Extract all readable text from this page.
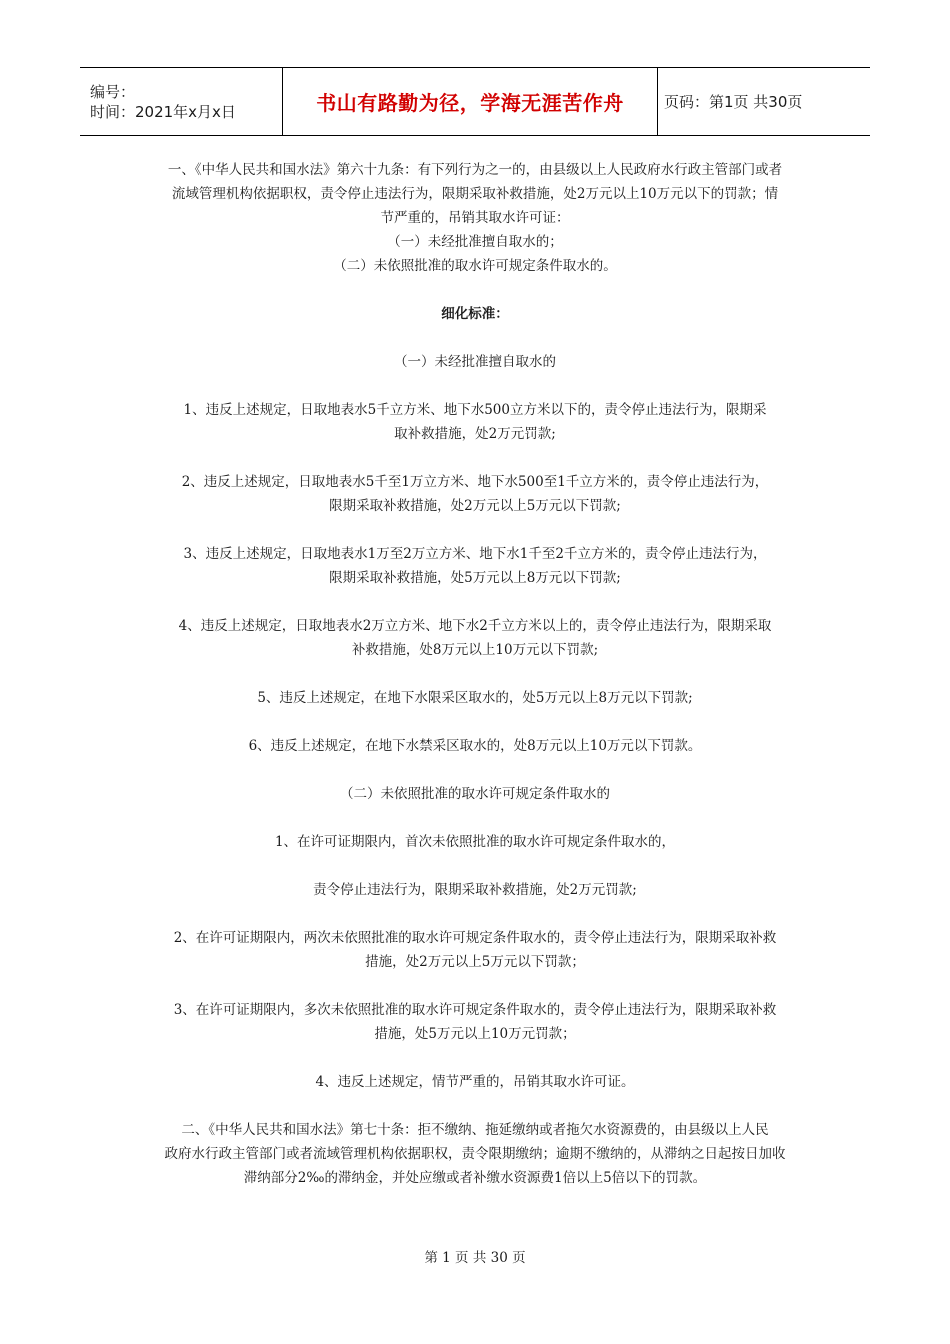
编号：
时间：2021年x月x日	书山有路勤为径，学海无涯苦作舟	页码：第1页 共30页

一、《中华人民共和国水法》第六十九条：有下列行为之一的，由县级以上人民政府水行政主管部门或者

流域管理机构依据职权，责令停止违法行为，限期采取补救措施，处2万元以上10万元以下的罚款；情

节严重的，吊销其取水许可证：

（一）未经批准擅自取水的；

（二）未依照批准的取水许可规定条件取水的。

细化标准：

（一）未经批准擅自取水的

1、违反上述规定，日取地表水5千立方米、地下水500立方米以下的，责令停止违法行为，限期采

取补救措施，处2万元罚款;

2、违反上述规定，日取地表水5千至1万立方米、地下水500至1千立方米的，责令停止违法行为，

限期采取补救措施，处2万元以上5万元以下罚款;

3、违反上述规定，日取地表水1万至2万立方米、地下水1千至2千立方米的，责令停止违法行为，

限期采取补救措施，处5万元以上8万元以下罚款;

4、违反上述规定，日取地表水2万立方米、地下水2千立方米以上的，责令停止违法行为，限期采取

补救措施，处8万元以上10万元以下罚款;

5、违反上述规定，在地下水限采区取水的，处5万元以上8万元以下罚款;

6、违反上述规定，在地下水禁采区取水的，处8万元以上10万元以下罚款。

（二）未依照批准的取水许可规定条件取水的

1、在许可证期限内，首次未依照批准的取水许可规定条件取水的，

责令停止违法行为，限期采取补救措施，处2万元罚款;

2、在许可证期限内，两次未依照批准的取水许可规定条件取水的，责令停止违法行为，限期采取补救

措施，处2万元以上5万元以下罚款；

3、在许可证期限内，多次未依照批准的取水许可规定条件取水的，责令停止违法行为，限期采取补救

措施，处5万元以上10万元罚款；

4、违反上述规定，情节严重的，吊销其取水许可证。

二、《中华人民共和国水法》第七十条：拒不缴纳、拖延缴纳或者拖欠水资源费的，由县级以上人民

政府水行政主管部门或者流域管理机构依据职权，责令限期缴纳；逾期不缴纳的，从滞纳之日起按日加收

滞纳部分2‰的滞纳金，并处应缴或者补缴水资源费1倍以上5倍以下的罚款。

第 1 页 共 30 页
